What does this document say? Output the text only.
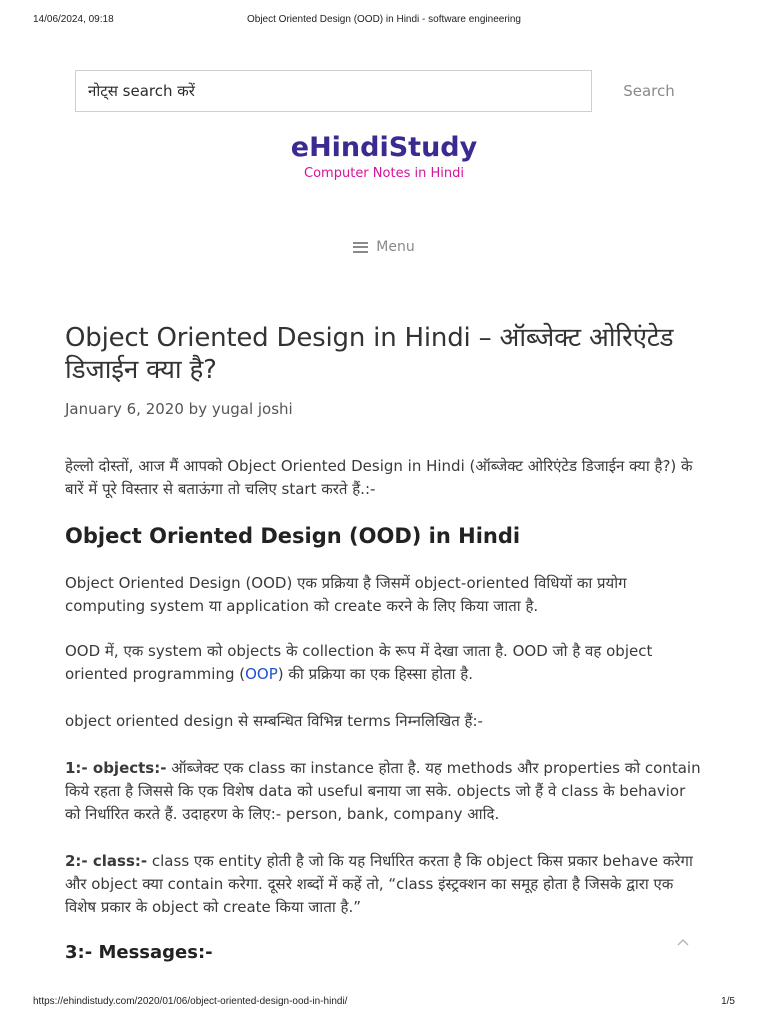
14/06/2024, 09:18	Object Oriented Design (OOD) in Hindi - software engineering
नोट्स search करें	Search
eHindiStudy
Computer Notes in Hindi
Menu
Object Oriented Design in Hindi – ऑब्जेक्ट ओरिएंटेड डिजाईन क्या है?
January 6, 2020 by yugal joshi

हेल्लो दोस्तों, आज मैं आपको Object Oriented Design in Hindi (ऑब्जेक्ट ओरिएंटेड डिजाईन क्या है?) के बारें में पूरे विस्तार से बताऊंगा तो चलिए start करते हैं.:-

Object Oriented Design (OOD) in Hindi

Object Oriented Design (OOD) एक प्रक्रिया है जिसमें object-oriented विधियों का प्रयोग computing system या application को create करने के लिए किया जाता है.

OOD में, एक system को objects के collection के रूप में देखा जाता है. OOD जो है वह object oriented programming (OOP) की प्रक्रिया का एक हिस्सा होता है.

object oriented design से सम्बन्धित विभिन्न terms निम्नलिखित हैं:-

1:- objects:- ऑब्जेक्ट एक class का instance होता है. यह methods और properties को contain किये रहता है जिससे कि एक विशेष data को useful बनाया जा सके. objects जो हैं वे class के behavior को निर्धारित करते हैं. उदाहरण के लिए:- person, bank, company आदि.

2:- class:- class एक entity होती है जो कि यह निर्धारित करता है कि object किस प्रकार behave करेगा और object क्या contain करेगा. दूसरे शब्दों में कहें तो, “class इंस्ट्रक्शन का समूह होता है जिसके द्वारा एक विशेष प्रकार के object को create किया जाता है.”

3:- Messages:-
https://ehindistudy.com/2020/01/06/object-oriented-design-ood-in-hindi/	1/5
